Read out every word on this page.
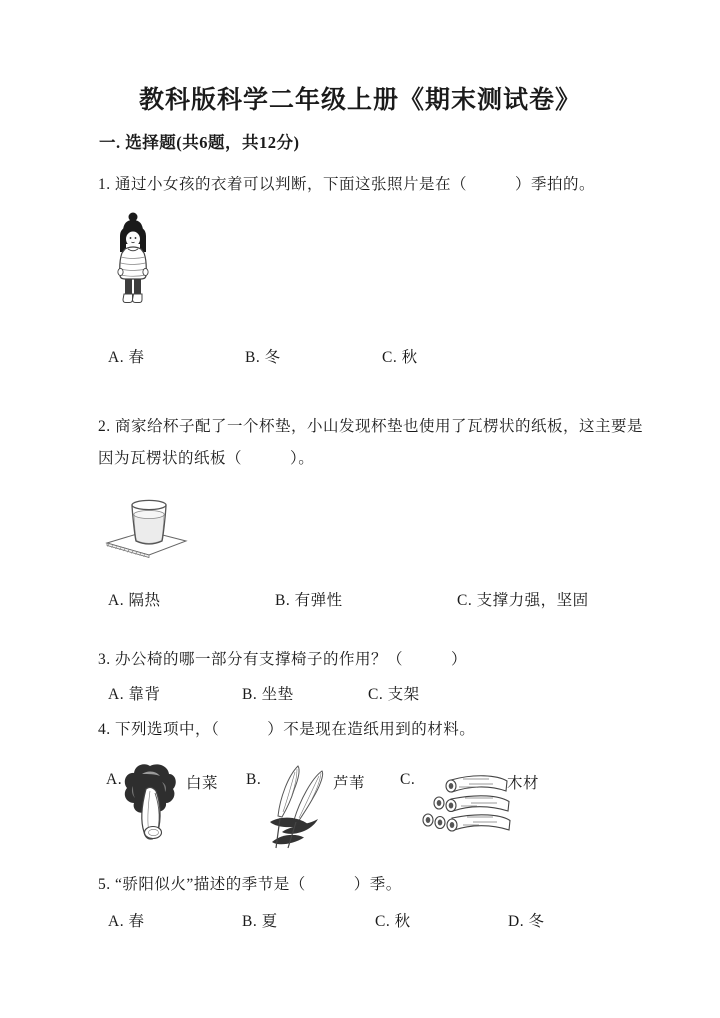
教科版科学二年级上册《期末测试卷》
一. 选择题(共6题，共12分)
1. 通过小女孩的衣着可以判断，下面这张照片是在（　　　）季拍的。
A. 春	B. 冬	C. 秋
2. 商家给杯子配了一个杯垫，小山发现杯垫也使用了瓦楞状的纸板，这主要是
因为瓦楞状的纸板（　　　）。
A. 隔热	B. 有弹性	C. 支撑力强，坚固
3. 办公椅的哪一部分有支撑椅子的作用？（　　　）
A. 靠背	B. 坐垫	C. 支架
4. 下列选项中，（　　　）不是现在造纸用到的材料。
A.	白菜 B.	芦苇 C.	木材
5. “骄阳似火”描述的季节是（　　　）季。
A. 春	B. 夏	C. 秋	D. 冬
